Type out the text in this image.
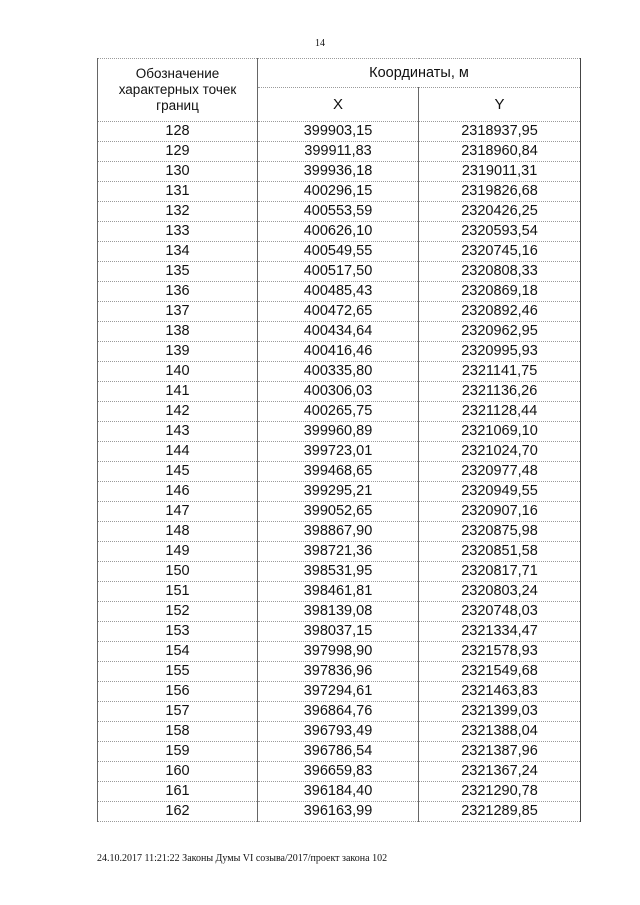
14
Обозначение характерных точек границ	Координаты, м	
	X	Y
128	399903,15	2318937,95
129	399911,83	2318960,84
130	399936,18	2319011,31
131	400296,15	2319826,68
132	400553,59	2320426,25
133	400626,10	2320593,54
134	400549,55	2320745,16
135	400517,50	2320808,33
136	400485,43	2320869,18
137	400472,65	2320892,46
138	400434,64	2320962,95
139	400416,46	2320995,93
140	400335,80	2321141,75
141	400306,03	2321136,26
142	400265,75	2321128,44
143	399960,89	2321069,10
144	399723,01	2321024,70
145	399468,65	2320977,48
146	399295,21	2320949,55
147	399052,65	2320907,16
148	398867,90	2320875,98
149	398721,36	2320851,58
150	398531,95	2320817,71
151	398461,81	2320803,24
152	398139,08	2320748,03
153	398037,15	2321334,47
154	397998,90	2321578,93
155	397836,96	2321549,68
156	397294,61	2321463,83
157	396864,76	2321399,03
158	396793,49	2321388,04
159	396786,54	2321387,96
160	396659,83	2321367,24
161	396184,40	2321290,78
162	396163,99	2321289,85
24.10.2017 11:21:22 Законы Думы VI созыва/2017/проект закона 102
